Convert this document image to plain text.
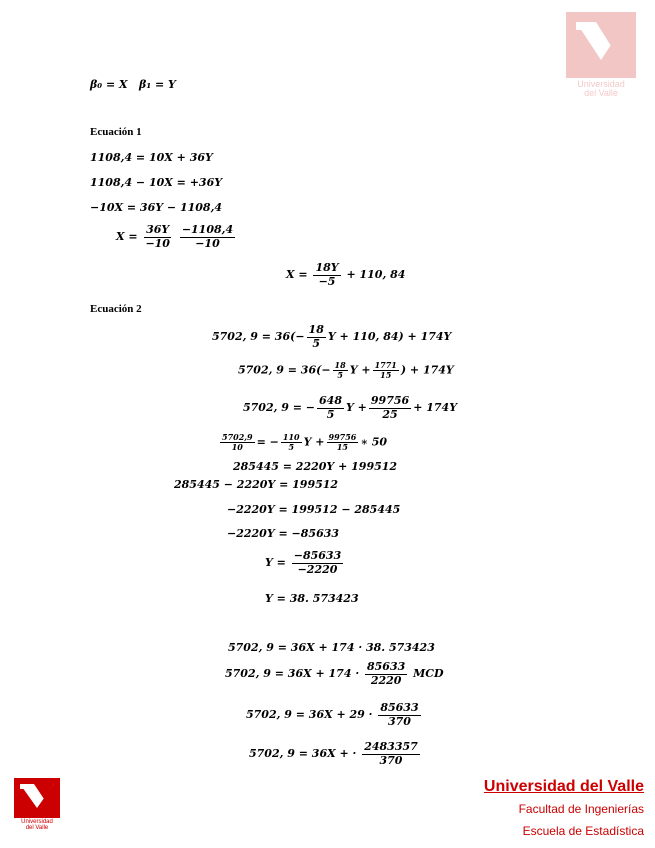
Universidad
del Valle
β₀ = X β₁ = Y
Ecuación 1
1108,4 = 10X + 36Y
1108,4 − 10X = +36Y
−10X = 36Y − 1108,4
$X = \frac{36Y}{-10}$
$\frac{-1108,4}{-10}$
$X = \frac{18Y}{-5} + 110$, 84
Ecuación 2
5702, $9 = 36(- \frac{18}{5}$ Y + 110, 84) + 174Y
5702, $9 = 36(- \frac{18}{5}$ $Y + \frac{1771}{15}$ ) + 174Y
5702, 9 = − $\frac{648}{5}$ $Y + \frac{99756}{25} + 174Y$
$\frac{5702,9}{10}$ = − $\frac{110}{5}$ $Y + \frac{99756}{15}$ ∗ 50
285445 = 2220Y + 199512
285445 − 2220Y = 199512
−2220Y = 199512 − 285445
−2220Y = −85633
$Y = \frac{-85633}{-2220}$
Y = 38. 573423
5702, 9 = 36X + 174 · 38. 573423
5702, $9 = 36X + 174 \cdot \frac{85633}{2220}$ MCD
5702, $9 = 36X + 29 \cdot \frac{85633}{370}$
5702, 9 = 36X + · $\frac{2483357}{370}$
Universidad
del Valle
Universidad del Valle
Facultad de Ingenierías
Escuela de Estadística
